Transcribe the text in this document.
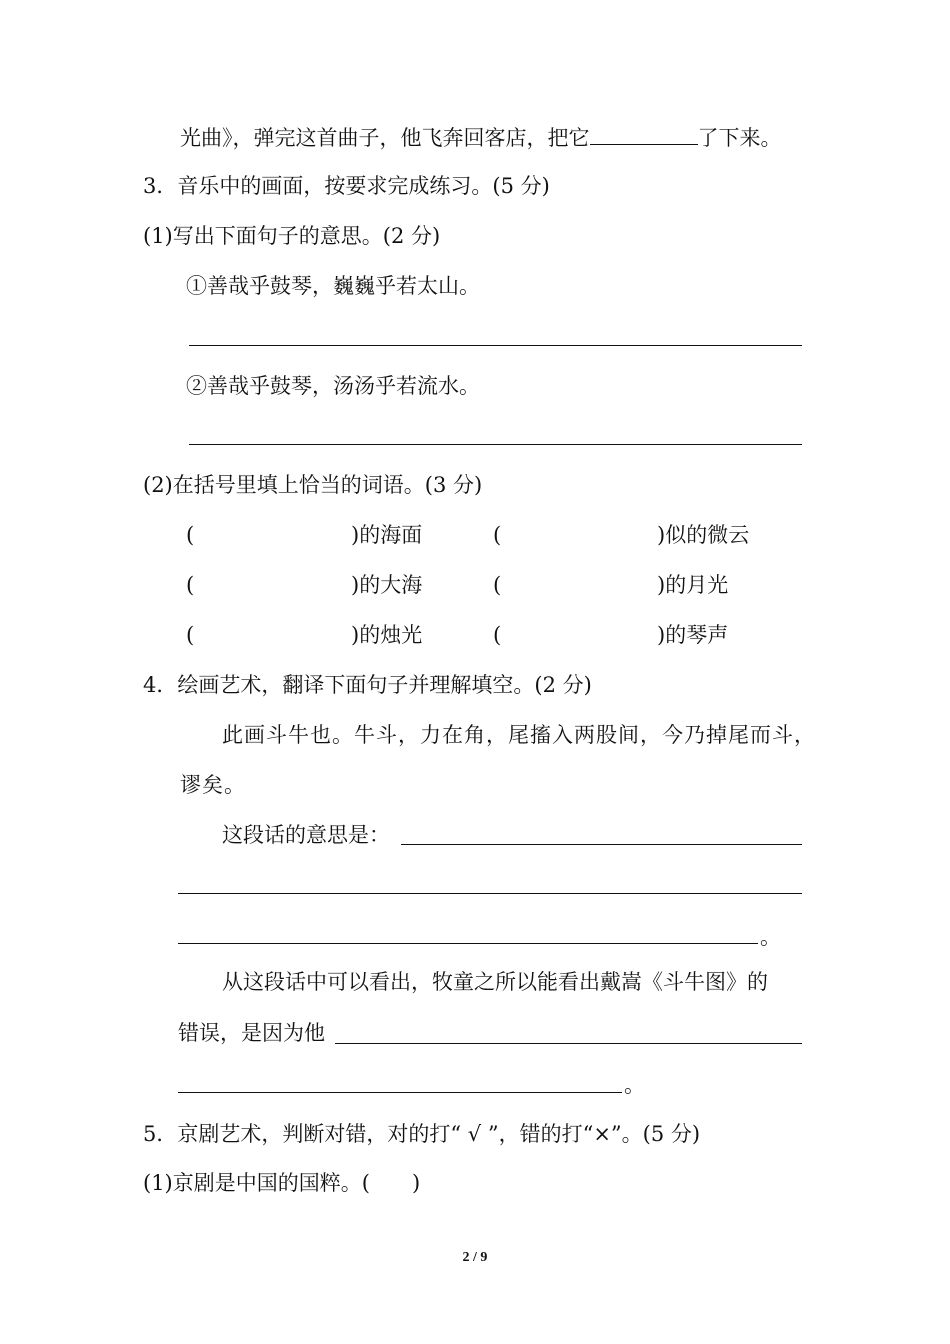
光曲》，弹完这首曲子，他飞奔回客店，把它	了下来。
3．音乐中的画面，按要求完成练习。(5 分)
(1)写出下面句子的意思。(2 分)
①善哉乎鼓琴，巍巍乎若太山。
②善哉乎鼓琴，汤汤乎若流水。
(2)在括号里填上恰当的词语。(3 分)
(	)的海面	(	)似的微云
(	)的大海	(	)的月光
(	)的烛光	(	)的琴声
4．绘画艺术，翻译下面句子并理解填空。(2 分)
此画斗牛也。牛斗，力在角，尾搐入两股间，今乃掉尾而斗，
谬矣。
这段话的意思是：
。
从这段话中可以看出，牧童之所以能看出戴嵩《斗牛图》的
错误，是因为他
。
5．京剧艺术，判断对错，对的打“ √ ”，错的打“×”。(5 分)
(1)京剧是中国的国粹。(　　)
2 / 9
